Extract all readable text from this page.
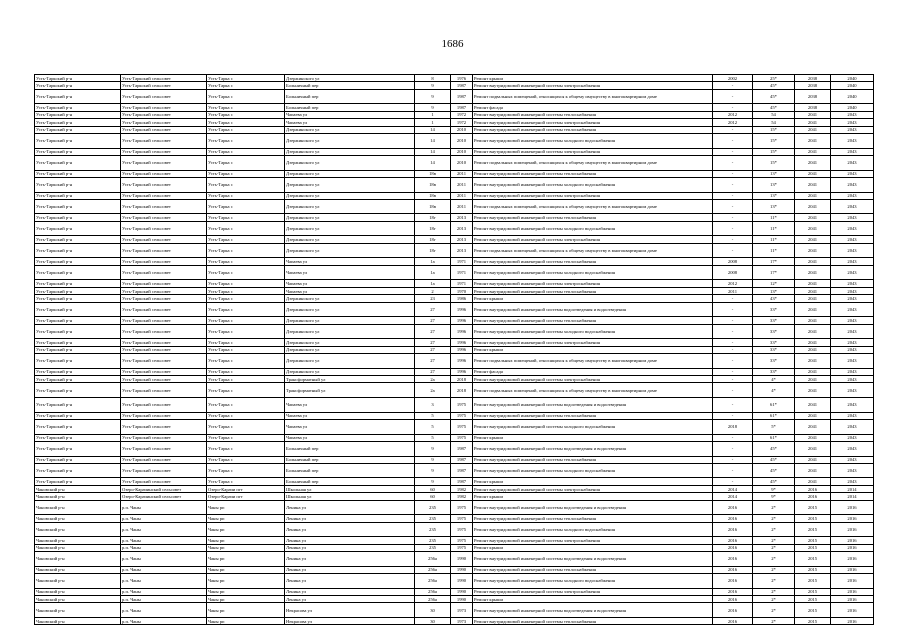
1686
Усть-Таркский р-н	Усть-Таркский сельсовет	Усть-Тарка с	Дзержинского ул	8	1976	Ремонт крыши	2002	25*	2038	2040
Усть-Таркский р-н	Усть-Таркский сельсовет	Усть-Тарка с	Больничный пер	9	1987	Ремонт внутридомовой инженерной системы электроснабжения	-	45*	2038	2040
Усть-Таркский р-н	Усть-Таркский сельсовет	Усть-Тарка с	Больничный пер	9	1987	Ремонт подвальных помещений, относящихся к общему имуществу в многоквартирном доме	-	45*	2038	2040
Усть-Таркский р-н	Усть-Таркский сельсовет	Усть-Тарка с	Больничный пер	9	1987	Ремонт фасада	-	45*	2038	2040
Усть-Таркский р-н	Усть-Таркский сельсовет	Усть-Тарка с	Чапаева ул	1	1972	Ремонт внутридомовой инженерной системы теплоснабжения	2012	54	2041	2043
Усть-Таркский р-н	Усть-Таркский сельсовет	Усть-Тарка с	Чапаева ул	1	1972	Ремонт внутридомовой инженерной системы электроснабжения	2012	54	2041	2043
Усть-Таркский р-н	Усть-Таркский сельсовет	Усть-Тарка с	Дзержинского ул	14	2010	Ремонт внутридомовой инженерной системы теплоснабжения	-	15*	2041	2043
Усть-Таркский р-н	Усть-Таркский сельсовет	Усть-Тарка с	Дзержинского ул	14	2010	Ремонт внутридомовой инженерной системы холодного водоснабжения	-	15*	2041	2043
Усть-Таркский р-н	Усть-Таркский сельсовет	Усть-Тарка с	Дзержинского ул	14	2010	Ремонт внутридомовой инженерной системы электроснабжения	-	15*	2041	2043
Усть-Таркский р-н	Усть-Таркский сельсовет	Усть-Тарка с	Дзержинского ул	14	2010	Ремонт подвальных помещений, относящихся к общему имуществу в многоквартирном доме	-	15*	2041	2043
Усть-Таркский р-н	Усть-Таркский сельсовет	Усть-Тарка с	Дзержинского ул	18в	2011	Ремонт внутридомовой инженерной системы теплоснабжения	-	13*	2041	2043
Усть-Таркский р-н	Усть-Таркский сельсовет	Усть-Тарка с	Дзержинского ул	18в	2011	Ремонт внутридомовой инженерной системы холодного водоснабжения	-	13*	2041	2043
Усть-Таркский р-н	Усть-Таркский сельсовет	Усть-Тарка с	Дзержинского ул	18в	2011	Ремонт внутридомовой инженерной системы электроснабжения	-	13*	2041	2043
Усть-Таркский р-н	Усть-Таркский сельсовет	Усть-Тарка с	Дзержинского ул	18в	2011	Ремонт подвальных помещений, относящихся к общему имуществу в многоквартирном доме	-	13*	2041	2043
Усть-Таркский р-н	Усть-Таркский сельсовет	Усть-Тарка с	Дзержинского ул	18г	2013	Ремонт внутридомовой инженерной системы теплоснабжения	-	11*	2041	2043
Усть-Таркский р-н	Усть-Таркский сельсовет	Усть-Тарка с	Дзержинского ул	18г	2013	Ремонт внутридомовой инженерной системы холодного водоснабжения	-	11*	2041	2043
Усть-Таркский р-н	Усть-Таркский сельсовет	Усть-Тарка с	Дзержинского ул	18г	2013	Ремонт внутридомовой инженерной системы электроснабжения	-	11*	2041	2043
Усть-Таркский р-н	Усть-Таркский сельсовет	Усть-Тарка с	Дзержинского ул	18г	2013	Ремонт подвальных помещений, относящихся к общему имуществу в многоквартирном доме	-	11*	2041	2043
Усть-Таркский р-н	Усть-Таркский сельсовет	Усть-Тарка с	Чапаева ул	1а	1971	Ремонт внутридомовой инженерной системы теплоснабжения	2008	17*	2041	2043
Усть-Таркский р-н	Усть-Таркский сельсовет	Усть-Тарка с	Чапаева ул	1а	1971	Ремонт внутридомовой инженерной системы холодного водоснабжения	2008	17*	2041	2043
Усть-Таркский р-н	Усть-Таркский сельсовет	Усть-Тарка с	Чапаева ул	1а	1971	Ремонт внутридомовой инженерной системы электроснабжения	2012	12*	2041	2043
Усть-Таркский р-н	Усть-Таркский сельсовет	Усть-Тарка с	Чапаева ул	2	1970	Ремонт внутридомовой инженерной системы теплоснабжения	2011	13*	2041	2043
Усть-Таркский р-н	Усть-Таркский сельсовет	Усть-Тарка с	Дзержинского ул	23	1986	Ремонт крыши	-	43*	2041	2043
Усть-Таркский р-н	Усть-Таркский сельсовет	Усть-Тарка с	Дзержинского ул	27	1996	Ремонт внутридомовой инженерной системы водоотведения и водоотведения	-	33*	2041	2043
Усть-Таркский р-н	Усть-Таркский сельсовет	Усть-Тарка с	Дзержинского ул	27	1996	Ремонт внутридомовой инженерной системы теплоснабжения	-	33*	2041	2043
Усть-Таркский р-н	Усть-Таркский сельсовет	Усть-Тарка с	Дзержинского ул	27	1996	Ремонт внутридомовой инженерной системы холодного водоснабжения	-	33*	2041	2043
Усть-Таркский р-н	Усть-Таркский сельсовет	Усть-Тарка с	Дзержинского ул	27	1996	Ремонт внутридомовой инженерной системы электроснабжения	-	33*	2041	2043
Усть-Таркский р-н	Усть-Таркский сельсовет	Усть-Тарка с	Дзержинского ул	27	1996	Ремонт крыши	-	33*	2041	2043
Усть-Таркский р-н	Усть-Таркский сельсовет	Усть-Тарка с	Дзержинского ул	27	1996	Ремонт подвальных помещений, относящихся к общему имуществу в многоквартирном доме	-	33*	2041	2043
Усть-Таркский р-н	Усть-Таркский сельсовет	Усть-Тарка с	Дзержинского ул	27	1996	Ремонт фасада	-	33*	2041	2043
Усть-Таркский р-н	Усть-Таркский сельсовет	Усть-Тарка с	Трансформатный ул	2а	2018	Ремонт внутридомовой инженерной системы электроснабжения	-	4*	2041	2043
Усть-Таркский р-н	Усть-Таркский сельсовет	Усть-Тарка с	Трансформатный ул	2а	2018	Ремонт подвальных помещений, относящихся к общему имуществу в многоквартирном доме	-	4*	2041	2043
Усть-Таркский р-н	Усть-Таркский сельсовет	Усть-Тарка с	Чапаева ул	3	1975	Ремонт внутридомовой инженерной системы водоотведения и водоотведения	-	61*	2041	2043
Усть-Таркский р-н	Усть-Таркский сельсовет	Усть-Тарка с	Чапаева ул	5	1975	Ремонт внутридомовой инженерной системы теплоснабжения	-	61*	2041	2043
Усть-Таркский р-н	Усть-Таркский сельсовет	Усть-Тарка с	Чапаева ул	5	1975	Ремонт внутридомовой инженерной системы холодного водоснабжения	2018	5*	2041	2043
Усть-Таркский р-н	Усть-Таркский сельсовет	Усть-Тарка с	Чапаева ул	5	1975	Ремонт крыши	-	61*	2041	2043
Усть-Таркский р-н	Усть-Таркский сельсовет	Усть-Тарка с	Больничный пер	9	1987	Ремонт внутридомовой инженерной системы водоотведения и водоотведения	-	45*	2041	2043
Усть-Таркский р-н	Усть-Таркский сельсовет	Усть-Тарка с	Больничный пер	9	1987	Ремонт внутридомовой инженерной системы теплоснабжения	-	45*	2041	2043
Усть-Таркский р-н	Усть-Таркский сельсовет	Усть-Тарка с	Больничный пер	9	1987	Ремонт внутридомовой инженерной системы холодного водоснабжения	-	45*	2041	2043
Усть-Таркский р-н	Усть-Таркский сельсовет	Усть-Тарка с	Больничный пер	9	1987	Ремонт крыши	-	45*	2041	2043
Чановский р-н	Озеро-Карачинский сельсовет	Озеро-Карачи пгт	Школьная ул	60	1982	Ремонт внутридомовой инженерной системы электроснабжения	2014	9*	2016	2014
Чановский р-н	Озеро-Карачинский сельсовет	Озеро-Карачи пгт	Школьная ул	60	1982	Ремонт крыши	2014	9*	2016	2014
Чановский р-н	р.п. Чаны	Чаны рп	Ленина ул	235	1975	Ремонт внутридомовой инженерной системы водоотведения и водоотведения	2016	2*	2015	2016
Чановский р-н	р.п. Чаны	Чаны рп	Ленина ул	235	1975	Ремонт внутридомовой инженерной системы теплоснабжения	2016	2*	2015	2016
Чановский р-н	р.п. Чаны	Чаны рп	Ленина ул	235	1975	Ремонт внутридомовой инженерной системы холодного водоснабжения	2016	2*	2015	2016
Чановский р-н	р.п. Чаны	Чаны рп	Ленина ул	235	1975	Ремонт внутридомовой инженерной системы электроснабжения	2016	2*	2015	2016
Чановский р-н	р.п. Чаны	Чаны рп	Ленина ул	235	1975	Ремонт крыши	2016	2*	2015	2016
Чановский р-н	р.п. Чаны	Чаны рп	Ленина ул	256а	1990	Ремонт внутридомовой инженерной системы водоотведения и водоотведения	2016	2*	2015	2016
Чановский р-н	р.п. Чаны	Чаны рп	Ленина ул	256а	1990	Ремонт внутридомовой инженерной системы теплоснабжения	2016	2*	2015	2016
Чановский р-н	р.п. Чаны	Чаны рп	Ленина ул	256а	1990	Ремонт внутридомовой инженерной системы холодного водоснабжения	2016	2*	2015	2016
Чановский р-н	р.п. Чаны	Чаны рп	Ленина ул	256а	1990	Ремонт внутридомовой инженерной системы электроснабжения	2016	2*	2015	2016
Чановский р-н	р.п. Чаны	Чаны рп	Ленина ул	256а	1990	Ремонт крыши	2016	2*	2015	2016
Чановский р-н	р.п. Чаны	Чаны рп	Некрасова ул	30	1973	Ремонт внутридомовой инженерной системы водоотведения и водоотведения	2016	2*	2015	2016
Чановский р-н	р.п. Чаны	Чаны рп	Некрасова ул	30	1973	Ремонт внутридомовой инженерной системы теплоснабжения	2016	2*	2015	2016
